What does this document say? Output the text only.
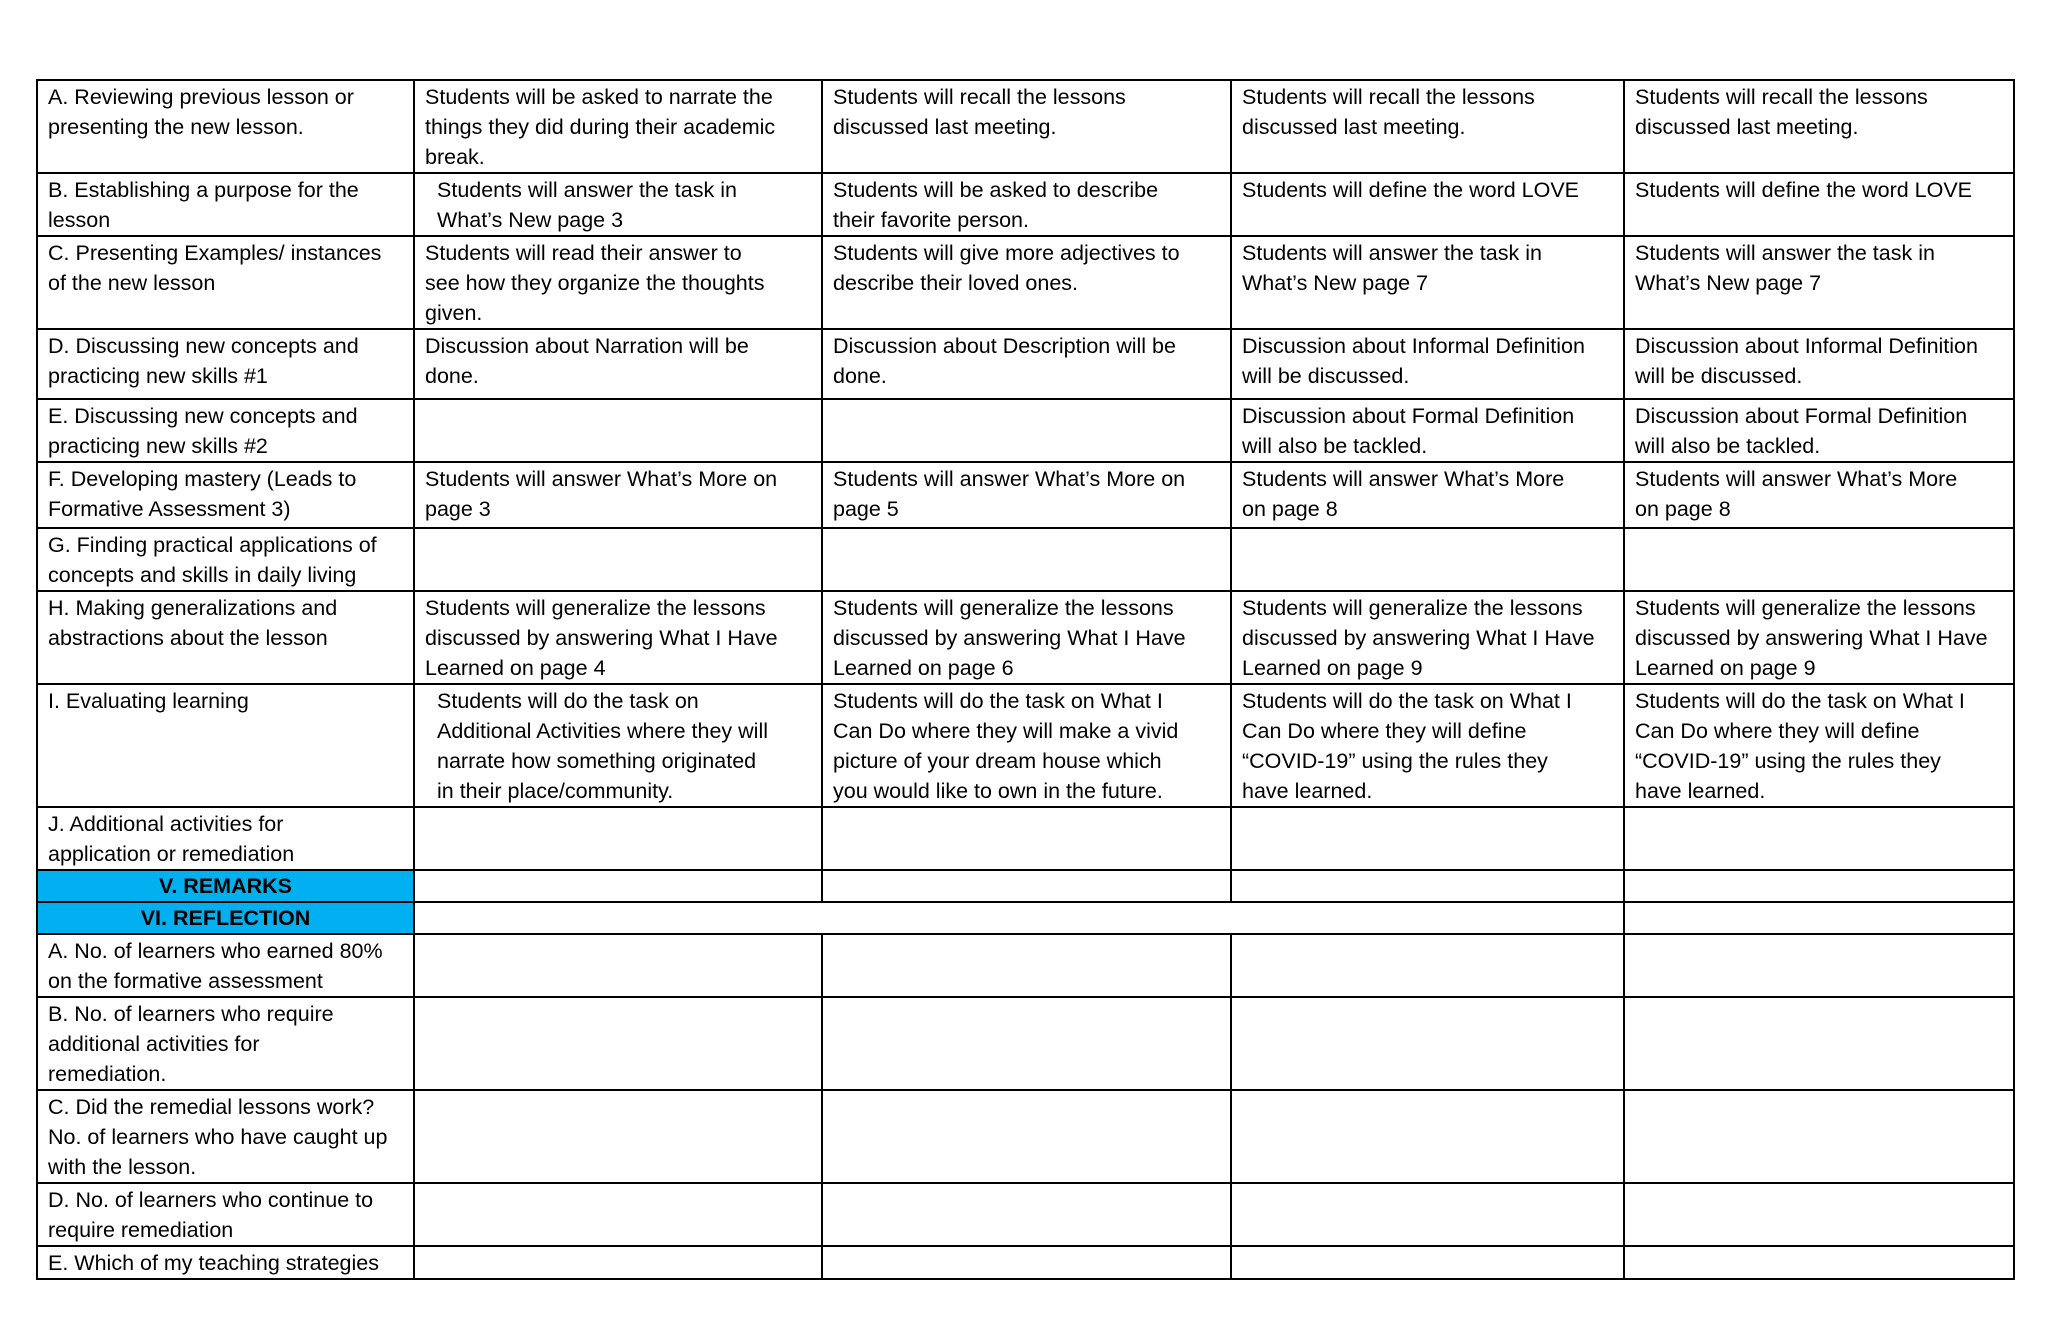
A. Reviewing previous lesson or
presenting the new lesson.	Students will be asked to narrate the
things they did during their academic
break.	Students will recall the lessons
discussed last meeting.	Students will recall the lessons
discussed last meeting.	Students will recall the lessons
discussed last meeting.
B. Establishing a purpose for the
lesson	Students will answer the task in
What’s New page 3	Students will be asked to describe
their favorite person.	Students will define the word LOVE	Students will define the word LOVE
C. Presenting Examples/ instances
of the new lesson	Students will read their answer to
see how they organize the thoughts
given.	Students will give more adjectives to
describe their loved ones.	Students will answer the task in
What’s New page 7	Students will answer the task in
What’s New page 7
D. Discussing new concepts and
practicing new skills #1	Discussion about Narration will be
done.	Discussion about Description will be
done.	Discussion about Informal Definition
will be discussed.	Discussion about Informal Definition
will be discussed.
E. Discussing new concepts and
practicing new skills #2			Discussion about Formal Definition
will also be tackled.	Discussion about Formal Definition
will also be tackled.
F. Developing mastery (Leads to
Formative Assessment 3)	Students will answer What’s More on
page 3	Students will answer What’s More on
page 5	Students will answer What’s More
on page 8	Students will answer What’s More
on page 8
G. Finding practical applications of
concepts and skills in daily living				
H. Making generalizations and
abstractions about the lesson	Students will generalize the lessons
discussed by answering What I Have
Learned on page 4	Students will generalize the lessons
discussed by answering What I Have
Learned on page 6	Students will generalize the lessons
discussed by answering What I Have
Learned on page 9	Students will generalize the lessons
discussed by answering What I Have
Learned on page 9
I. Evaluating learning	Students will do the task on
Additional Activities where they will
narrate how something originated
in their place/community.	Students will do the task on What I
Can Do where they will make a vivid
picture of your dream house which
you would like to own in the future.	Students will do the task on What I
Can Do where they will define
“COVID-19” using the rules they
have learned.	Students will do the task on What I
Can Do where they will define
“COVID-19” using the rules they
have learned.
J. Additional activities for
application or remediation				
V. REMARKS				
VI. REFLECTION				
A. No. of learners who earned 80%
on the formative assessment				
B. No. of learners who require
additional activities for
remediation.				
C. Did the remedial lessons work?
No. of learners who have caught up
with the lesson.				
D. No. of learners who continue to
require remediation				
E. Which of my teaching strategies				
